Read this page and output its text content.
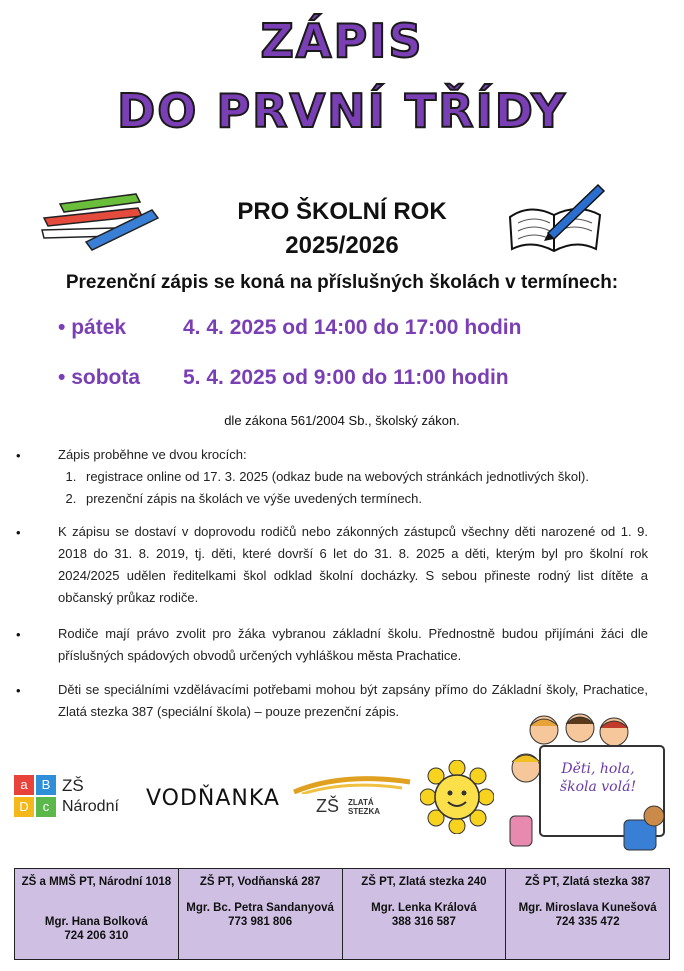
ZÁPIS
DO PRVNÍ TŘÍDY
PRO ŠKOLNÍ ROK
2025/2026
Prezenční zápis se koná na příslušných školách v termínech:
• pátek	4. 4. 2025 od 14:00 do 17:00 hodin
• sobota 5. 4. 2025 od 9:00 do 11:00 hodin
dle zákona 561/2004 Sb., školský zákon.
•	Zápis proběhne ve dvou krocích:
1. registrace online od 17. 3. 2025 (odkaz bude na webových stránkách jednotlivých škol).
2. prezenční zápis na školách ve výše uvedených termínech.
•	K zápisu se dostaví v doprovodu rodičů nebo zákonných zástupců všechny děti narozené od 1. 9. 2018 do 31. 8. 2019, tj. děti, které dovrší 6 let do 31. 8. 2025 a děti, kterým byl pro školní rok 2024/2025 udělen ředitelkami škol odklad školní docházky. S sebou přineste rodný list dítěte a občanský průkaz rodiče.
•	Rodiče mají právo zvolit pro žáka vybranou základní školu. Přednostně budou přijímáni žáci dle příslušných spádových obvodů určených vyhláškou města Prachatice.
•	Děti se speciálními vzdělávacími potřebami mohou být zapsány přímo do Základní školy, Prachatice, Zlatá stezka 387 (speciální škola) – pouze prezenční zápis.
a	B
D	c
ZŠ
Národní VODŇANKA ZŠ ZLATÁ
STEZKA
Děti, hola, škola volá!
ZŠ a MMŠ PT, Národní 1018
Mgr. Hana Bolková
724 206 310

ZŠ PT, Vodňanská 287
Mgr. Bc. Petra Sandanyová
773 981 806

ZŠ PT, Zlatá stezka 240
Mgr. Lenka Králová
388 316 587

ZŠ PT, Zlatá stezka 387
Mgr. Miroslava Kunešová
724 335 472
